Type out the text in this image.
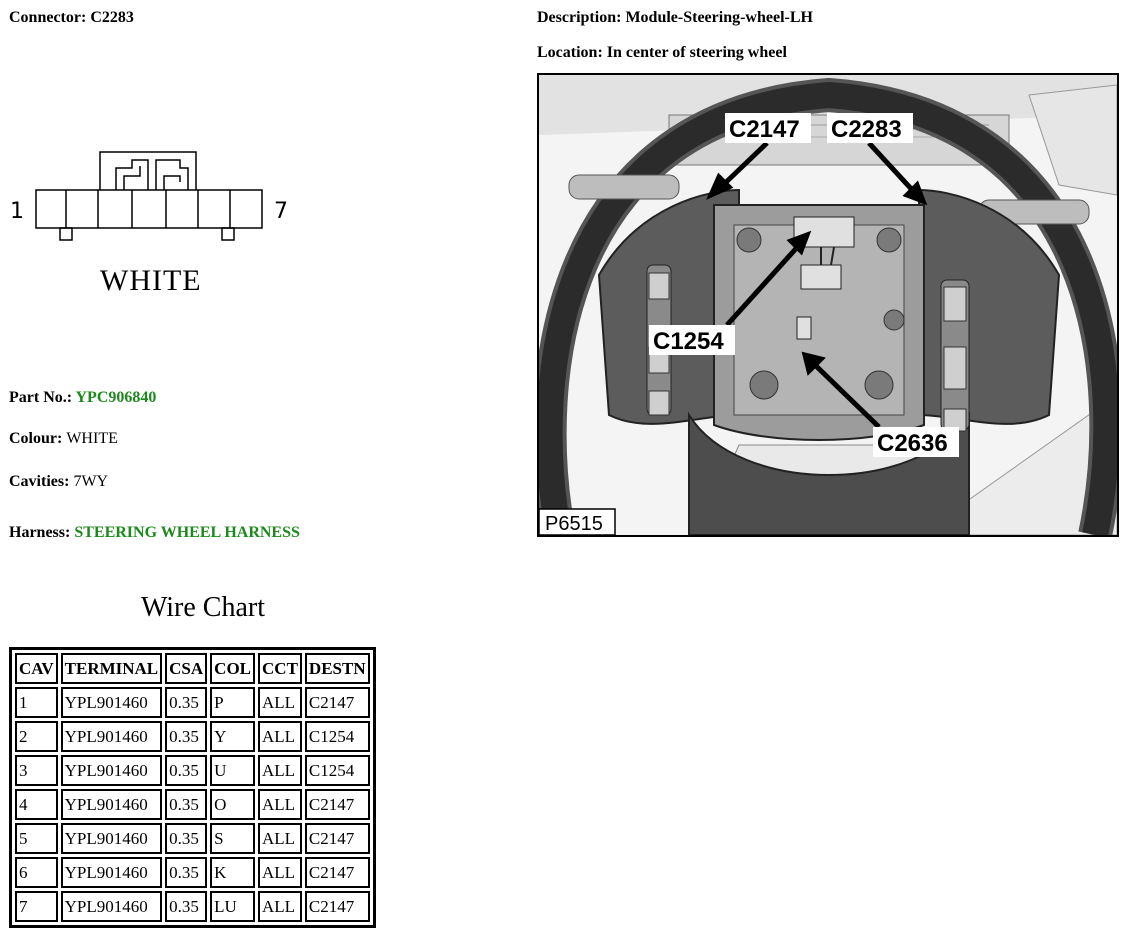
Connector: C2283	Description: Module-Steering-wheel-LH
Location: In center of steering wheel
1	7
WHITE
Part No.: YPC906840
Colour: WHITE
Cavities: 7WY
Harness: STEERING WHEEL HARNESS
Wire Chart
CAV	TERMINAL	CSA	COL	CCT	DESTN
1	YPL901460	0.35	P	ALL	C2147
2	YPL901460	0.35	Y	ALL	C1254
3	YPL901460	0.35	U	ALL	C1254
4	YPL901460	0.35	O	ALL	C2147
5	YPL901460	0.35	S	ALL	C2147
6	YPL901460	0.35	K	ALL	C2147
7	YPL901460	0.35	LU	ALL	C2147
C2147 C2283
C1254
C2636
P6515
